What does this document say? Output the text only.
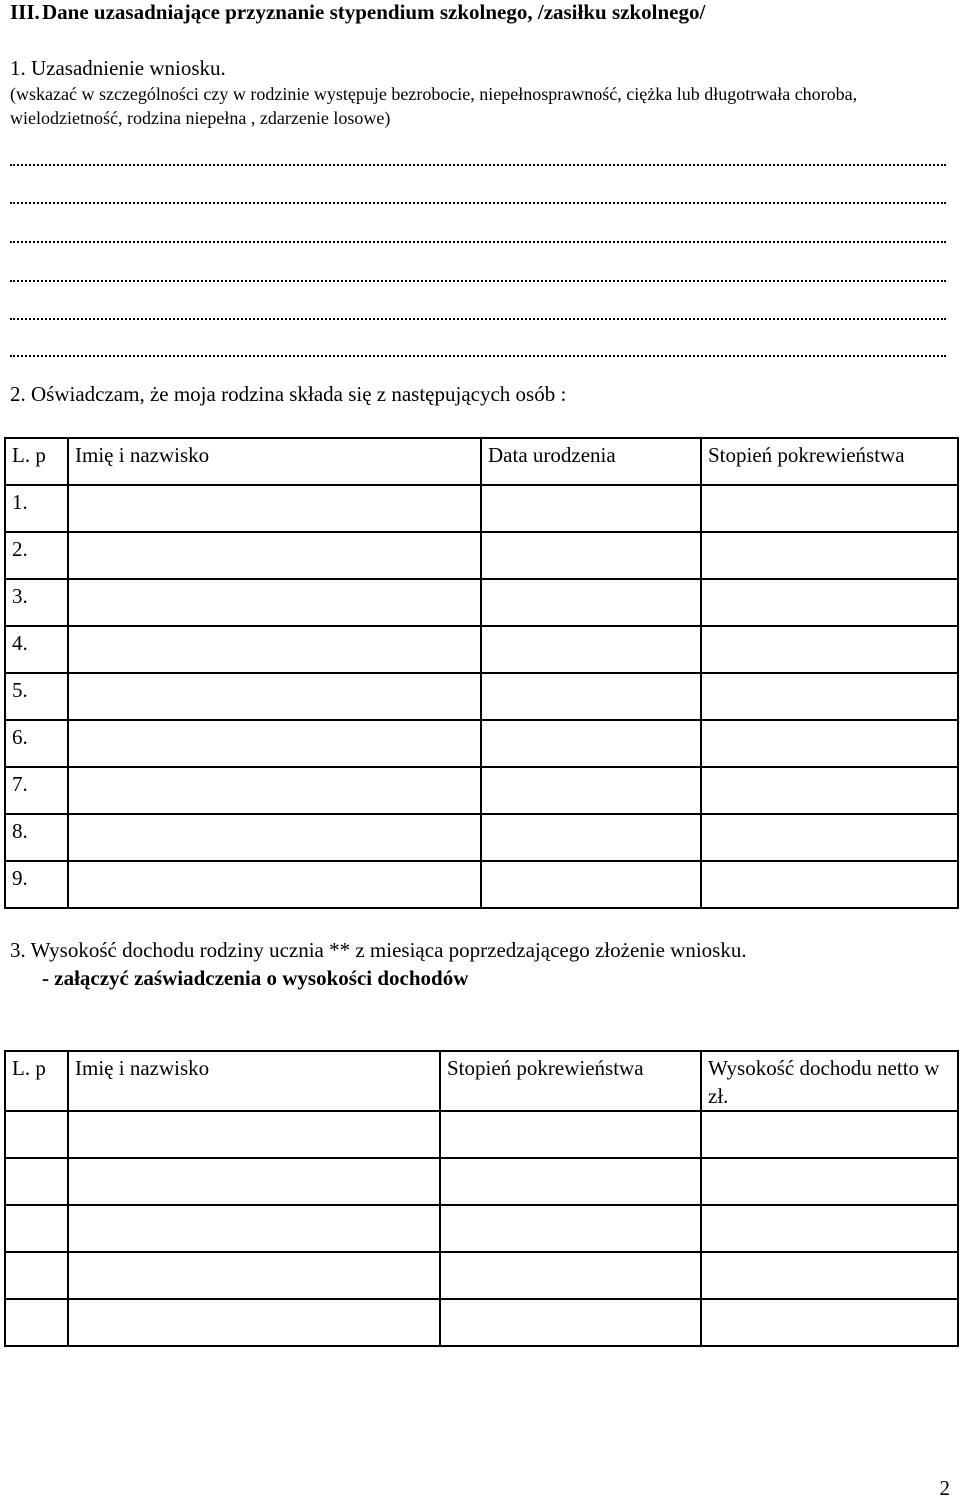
III. Dane uzasadniające przyznanie stypendium szkolnego, /zasiłku szkolnego/
1. Uzasadnienie wniosku.
(wskazać w szczególności czy w rodzinie występuje bezrobocie, niepełnosprawność, ciężka lub długotrwała choroba, wielodzietność, rodzina niepełna , zdarzenie losowe)
2. Oświadczam, że moja rodzina składa się z następujących osób :
L. p	Imię i nazwisko	Data urodzenia	Stopień pokrewieństwa
1.			
2.			
3.			
4.			
5.			
6.			
7.			
8.			
9.			
3. Wysokość dochodu rodziny ucznia ** z miesiąca poprzedzającego złożenie wniosku.
- załączyć zaświadczenia o wysokości dochodów
L. p	Imię i nazwisko	Stopień pokrewieństwa	Wysokość dochodu netto w zł.

2
